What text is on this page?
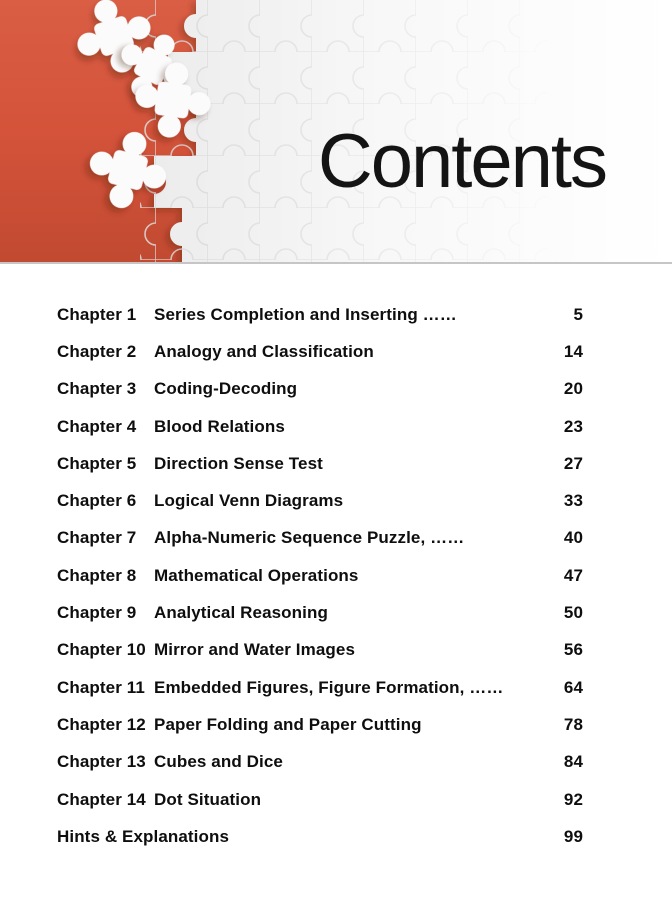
Contents
Chapter 1	Series Completion and Inserting ……	5
Chapter 2	Analogy and Classification	14
Chapter 3	Coding-Decoding	20
Chapter 4	Blood Relations	23
Chapter 5	Direction Sense Test	27
Chapter 6	Logical Venn Diagrams	33
Chapter 7	Alpha-Numeric Sequence Puzzle, ……	40
Chapter 8	Mathematical Operations	47
Chapter 9	Analytical Reasoning	50
Chapter 10 Mirror and Water Images	56
Chapter 11 Embedded Figures, Figure Formation, ……	64
Chapter 12 Paper Folding and Paper Cutting	78
Chapter 13 Cubes and Dice	84
Chapter 14 Dot Situation	92
Hints & Explanations	99
